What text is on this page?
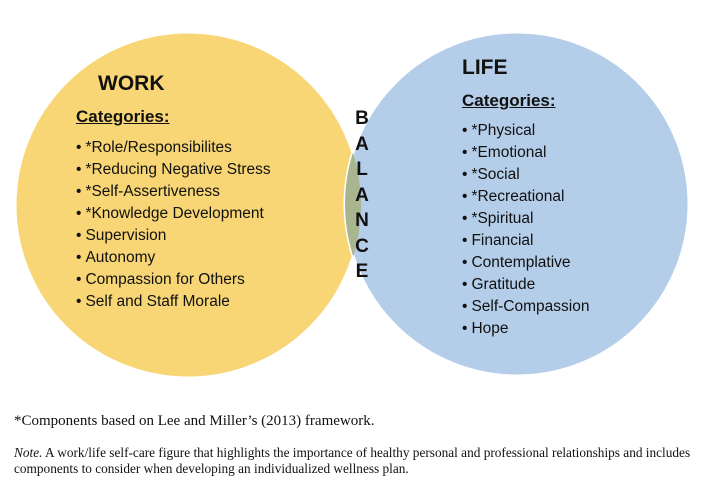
WORK
Categories:
• *Role/Responsibilites
• *Reducing Negative Stress
• *Self-Assertiveness
• *Knowledge Development
• Supervision
• Autonomy
• Compassion for Others
• Self and Staff Morale
LIFE
Categories:
• *Physical
• *Emotional
• *Social
• *Recreational
• *Spiritual
• Financial
• Contemplative
• Gratitude
• Self-Compassion
• Hope
B
A
L
A
N
C
E
*Components based on Lee and Miller’s (2013) framework.
Note. A work/life self-care figure that highlights the importance of healthy personal and professional relationships and includes components to consider when developing an individualized wellness plan.
